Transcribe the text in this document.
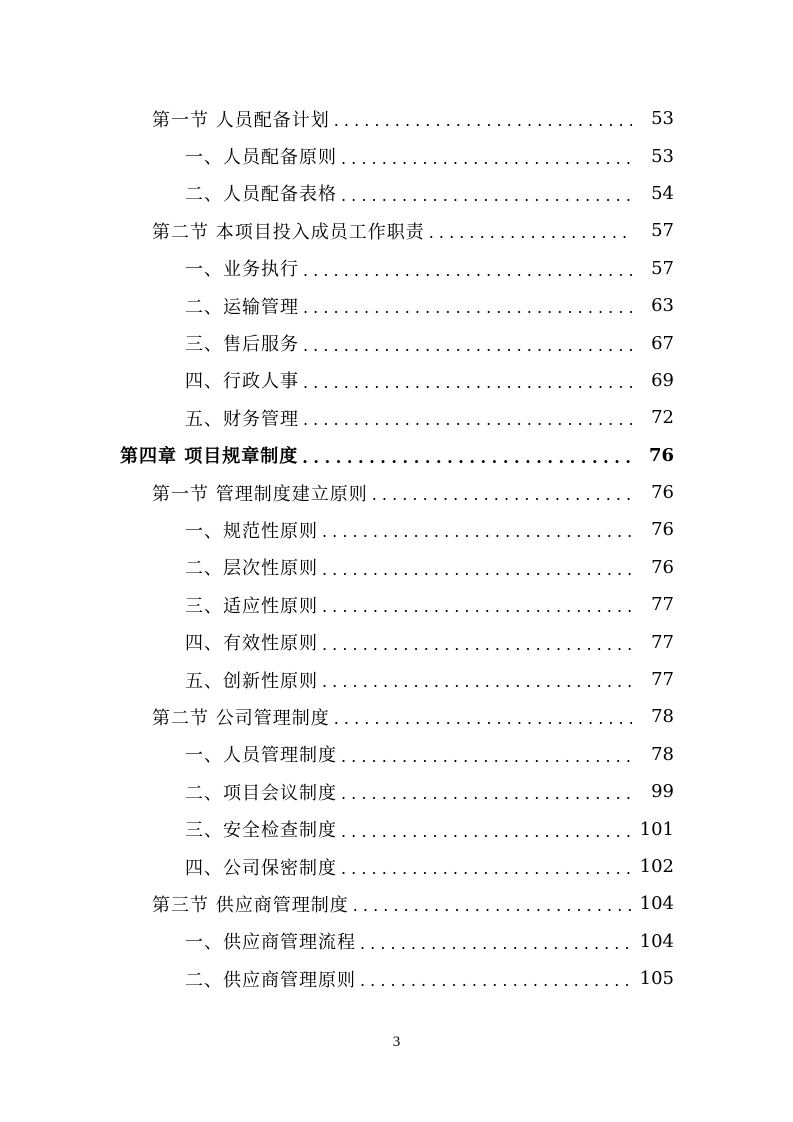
第一节 人员配备计划 . . .	53
一、人员配备原则 . . .	53
二、人员配备表格 . . .	54
第二节 本项目投入成员工作职责 . . .	57
一、业务执行 . . .	57
二、运输管理 . . .	63
三、售后服务 . . .	67
四、行政人事 . . .	69
五、财务管理 . . .	72
第四章 项目规章制度 . . .	76
第一节 管理制度建立原则 . . .	76
一、规范性原则 . . .	76
二、层次性原则 . . .	76
三、适应性原则 . . .	77
四、有效性原则 . . .	77
五、创新性原则 . . .	77
第二节 公司管理制度 . . .	78
一、人员管理制度 . . .	78
二、项目会议制度 . . .	99
三、安全检查制度 . . .	101
四、公司保密制度 . . .	102
第三节 供应商管理制度 . . .	104
一、供应商管理流程 . . .	104
二、供应商管理原则 . . .	105
3
